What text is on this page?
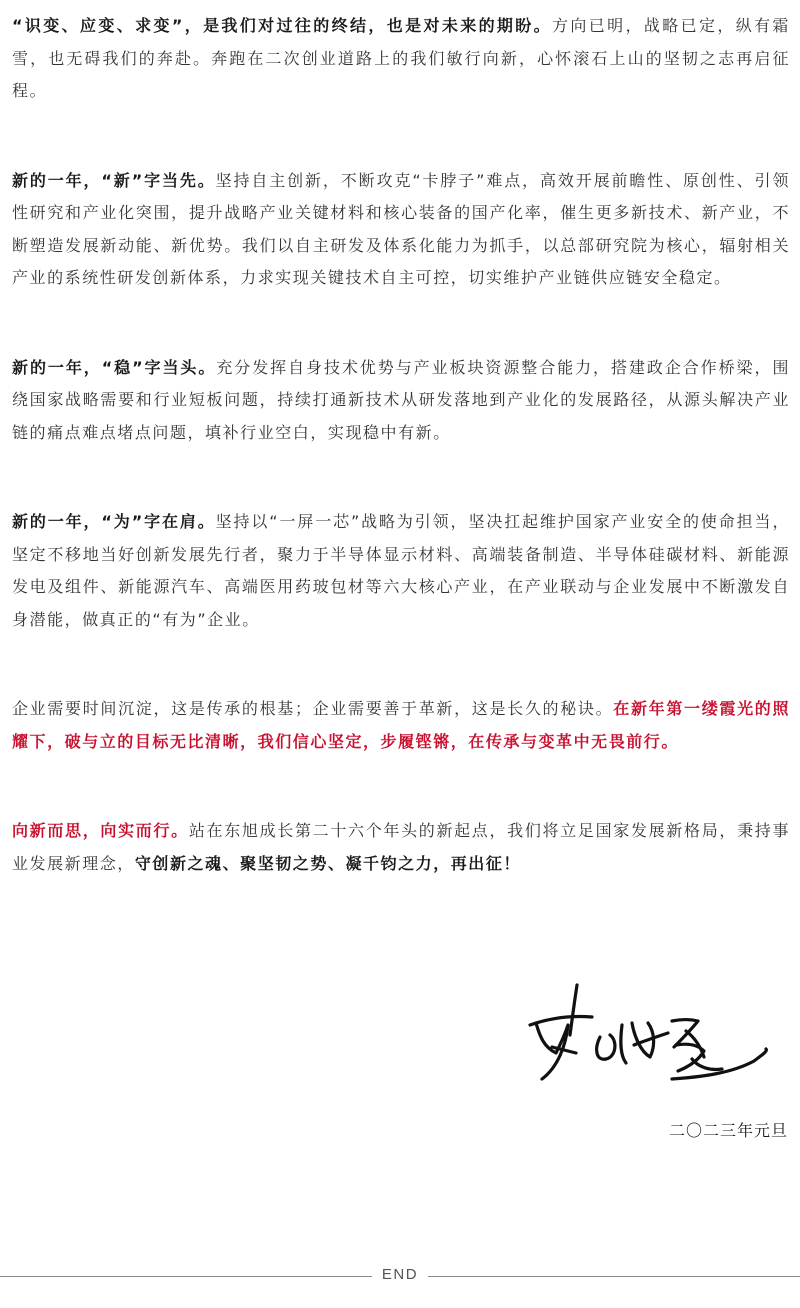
“识变、应变、求变”，是我们对过往的终结，也是对未来的期盼。方向已明，战略已定，纵有霜雪，也无碍我们的奔赴。奔跑在二次创业道路上的我们敏行向新，心怀滚石上山的坚韧之志再启征程。

新的一年，“新”字当先。坚持自主创新，不断攻克“卡脖子”难点，高效开展前瞻性、原创性、引领性研究和产业化突围，提升战略产业关键材料和核心装备的国产化率，催生更多新技术、新产业，不断塑造发展新动能、新优势。我们以自主研发及体系化能力为抓手，以总部研究院为核心，辐射相关产业的系统性研发创新体系，力求实现关键技术自主可控，切实维护产业链供应链安全稳定。

新的一年，“稳”字当头。充分发挥自身技术优势与产业板块资源整合能力，搭建政企合作桥梁，围绕国家战略需要和行业短板问题，持续打通新技术从研发落地到产业化的发展路径，从源头解决产业链的痛点难点堵点问题，填补行业空白，实现稳中有新。

新的一年，“为”字在肩。坚持以“一屏一芯”战略为引领，坚决扛起维护国家产业安全的使命担当，坚定不移地当好创新发展先行者，聚力于半导体显示材料、高端装备制造、半导体硅碳材料、新能源发电及组件、新能源汽车、高端医用药玻包材等六大核心产业，在产业联动与企业发展中不断激发自身潜能，做真正的“有为”企业。

企业需要时间沉淀，这是传承的根基；企业需要善于革新，这是长久的秘诀。在新年第一缕霞光的照耀下，破与立的目标无比清晰，我们信心坚定，步履铿锵，在传承与变革中无畏前行。

向新而思，向实而行。站在东旭成长第二十六个年头的新起点，我们将立足国家发展新格局，秉持事业发展新理念，守创新之魂、聚坚韧之势、凝千钧之力，再出征！

二〇二三年元旦
END
